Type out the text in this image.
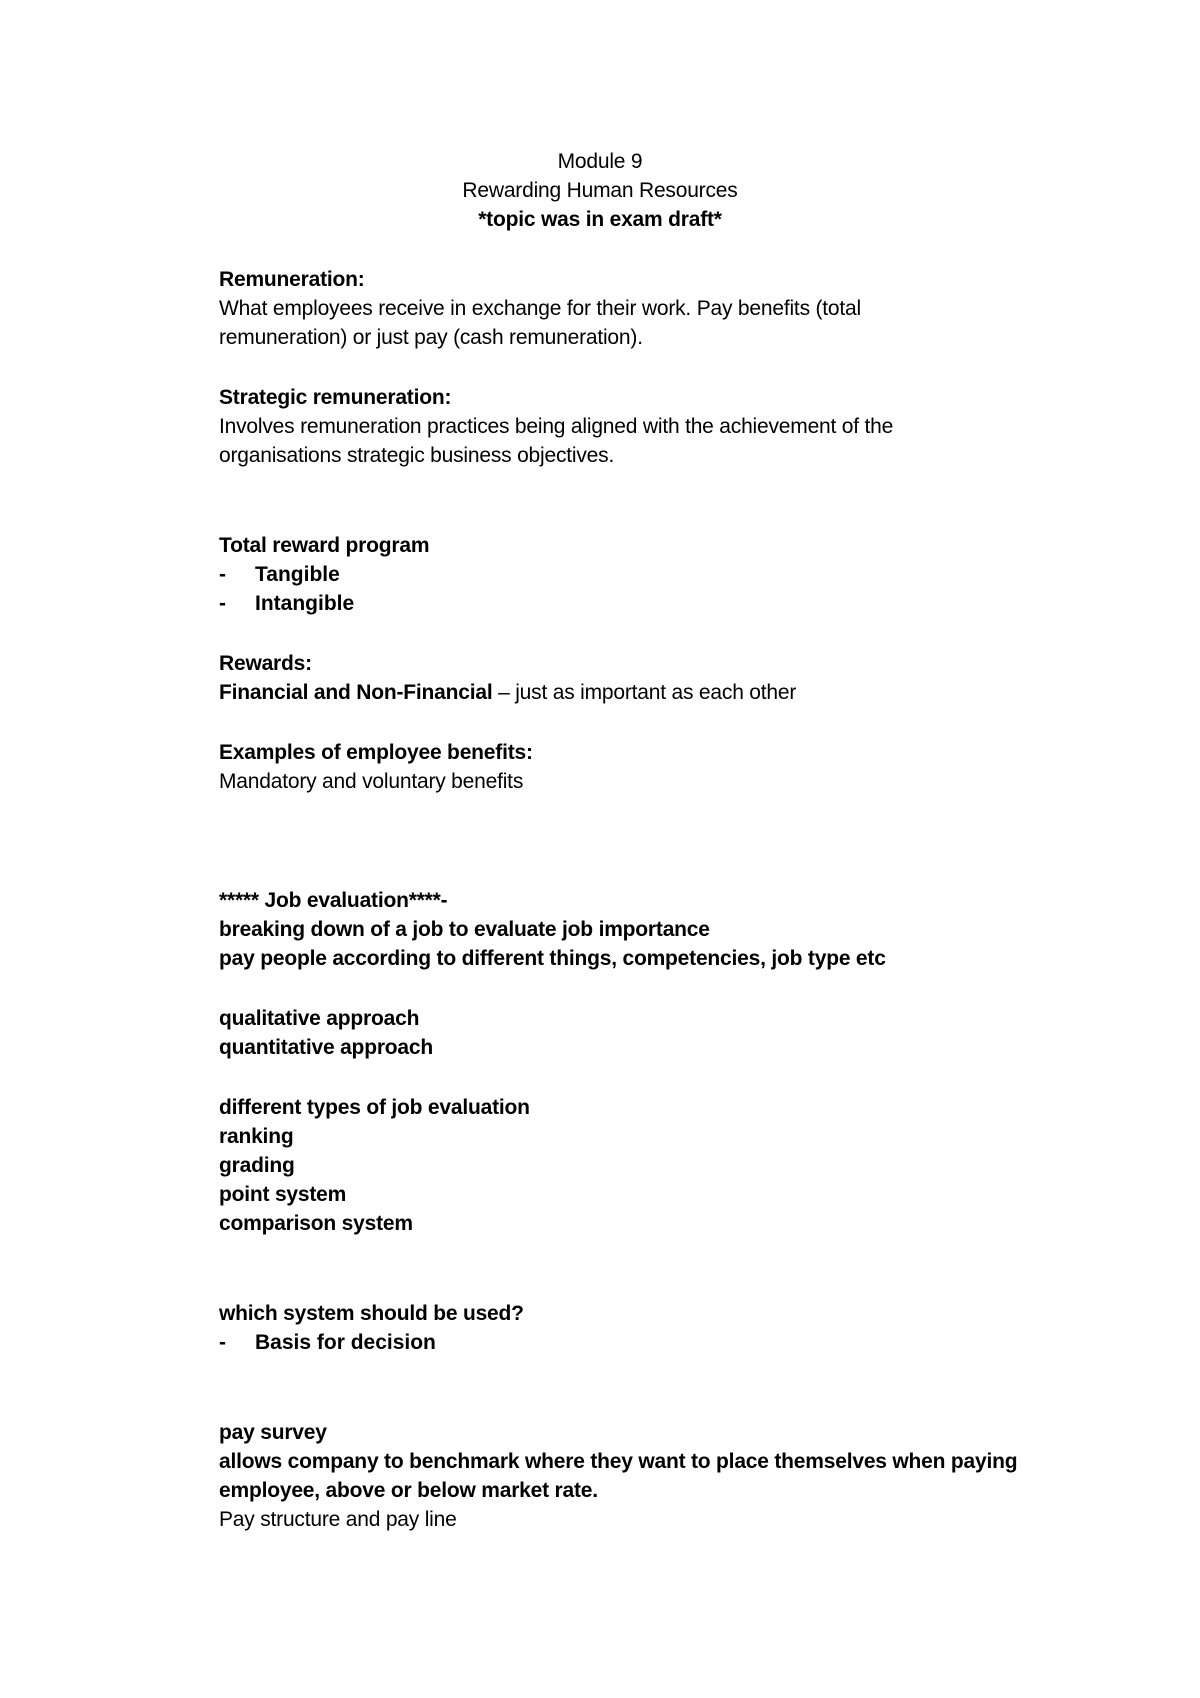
Module 9
Rewarding Human Resources
*topic was in exam draft*
Remuneration:
What employees receive in exchange for their work. Pay benefits (total
remuneration) or just pay (cash remuneration).
Strategic remuneration:
Involves remuneration practices being aligned with the achievement of the
organisations strategic business objectives.
Total reward program
- Tangible
- Intangible
Rewards:
Financial and Non-Financial – just as important as each other
Examples of employee benefits:
Mandatory and voluntary benefits
***** Job evaluation****-
breaking down of a job to evaluate job importance
pay people according to different things, competencies, job type etc
qualitative approach
quantitative approach
different types of job evaluation
ranking
grading
point system
comparison system
which system should be used?
- Basis for decision
pay survey
allows company to benchmark where they want to place themselves when paying
employee, above or below market rate.
Pay structure and pay line
